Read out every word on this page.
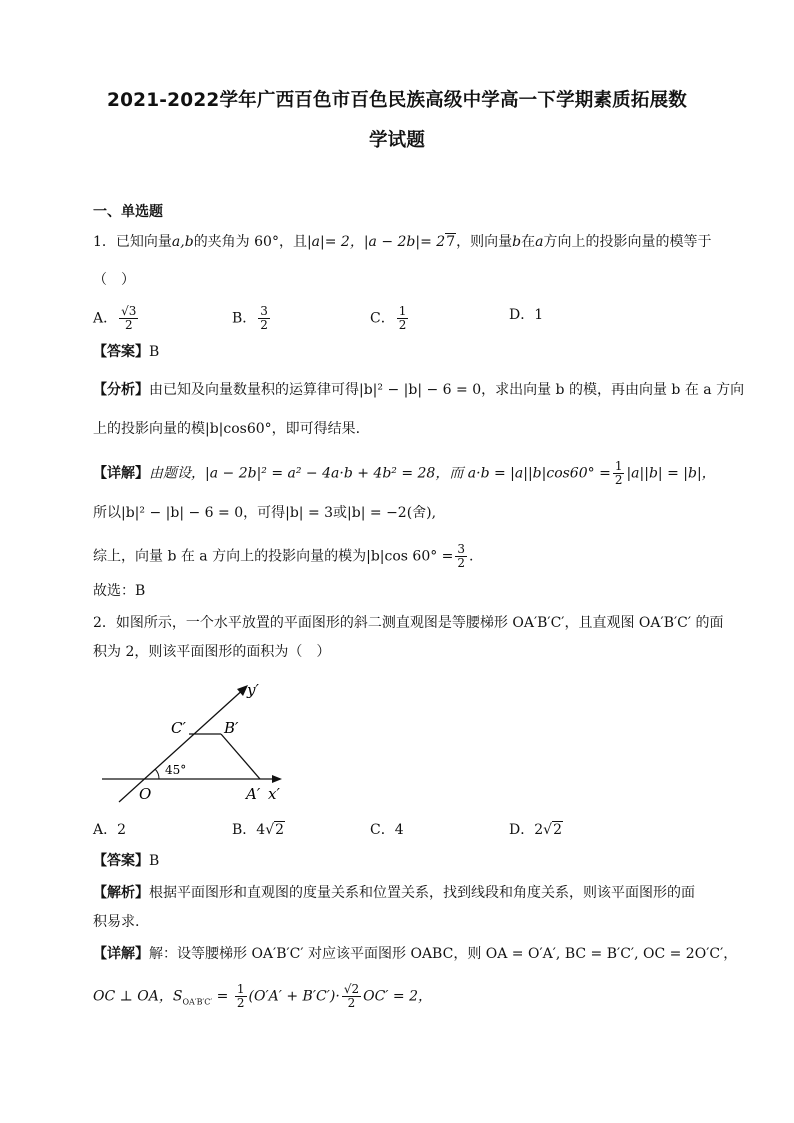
2021-2022学年广西百色市百色民族高级中学高一下学期素质拓展数
学试题
一、单选题
1．已知向量a,b的夹角为 60°，且|a|= 2，|a − 2b|= 27，则向量b在a方向上的投影向量的模等于
（　）
A． $\frac{√3}{2}$	B． $\frac{3}{2}$	C． $\frac{1}{2}$	D．1
【答案】B
【分析】由已知及向量数量积的运算律可得|b|² − |b| − 6 = 0，求出向量 b 的模，再由向量 b 在 a 方向
上的投影向量的模|b|cos60°，即可得结果.
【详解】由题设，|a − 2b|² = a² − 4a·b + 4b² = 28，而 $a\cdot b = |a||b|\cos 60^\circ = \frac{1}{2} |a||b| = |b|$，
所以|b|² − |b| − 6 = 0，可得|b| = 3或|b| = −2(舍),
综上，向量 b 在 a 方向上的投影向量的模为|b|cos $60^\circ = \frac{3}{2}$ .
故选：B
2．如图所示，一个水平放置的平面图形的斜二测直观图是等腰梯形 OA′B′C′，且直观图 OA′B′C′ 的面
积为 2，则该平面图形的面积为（　）
y′
x′
O	A′
B′
C′
45°
A．2	B．4√2	C．4	D．2√2
【答案】B
【解析】根据平面图形和直观图的度量关系和位置关系，找到线段和角度关系，则该平面图形的面
积易求.
【详解】解：设等腰梯形 OA′B′C′ 对应该平面图形 OABC，则 OA = O′A′, BC = B′C′, OC = 2O′C′，
OC ⊥ OA，$S_{OA'B'C'} = \frac{1}{2} (O'A' + B'C')\cdot \frac{√2}{2} OC' = 2$，
